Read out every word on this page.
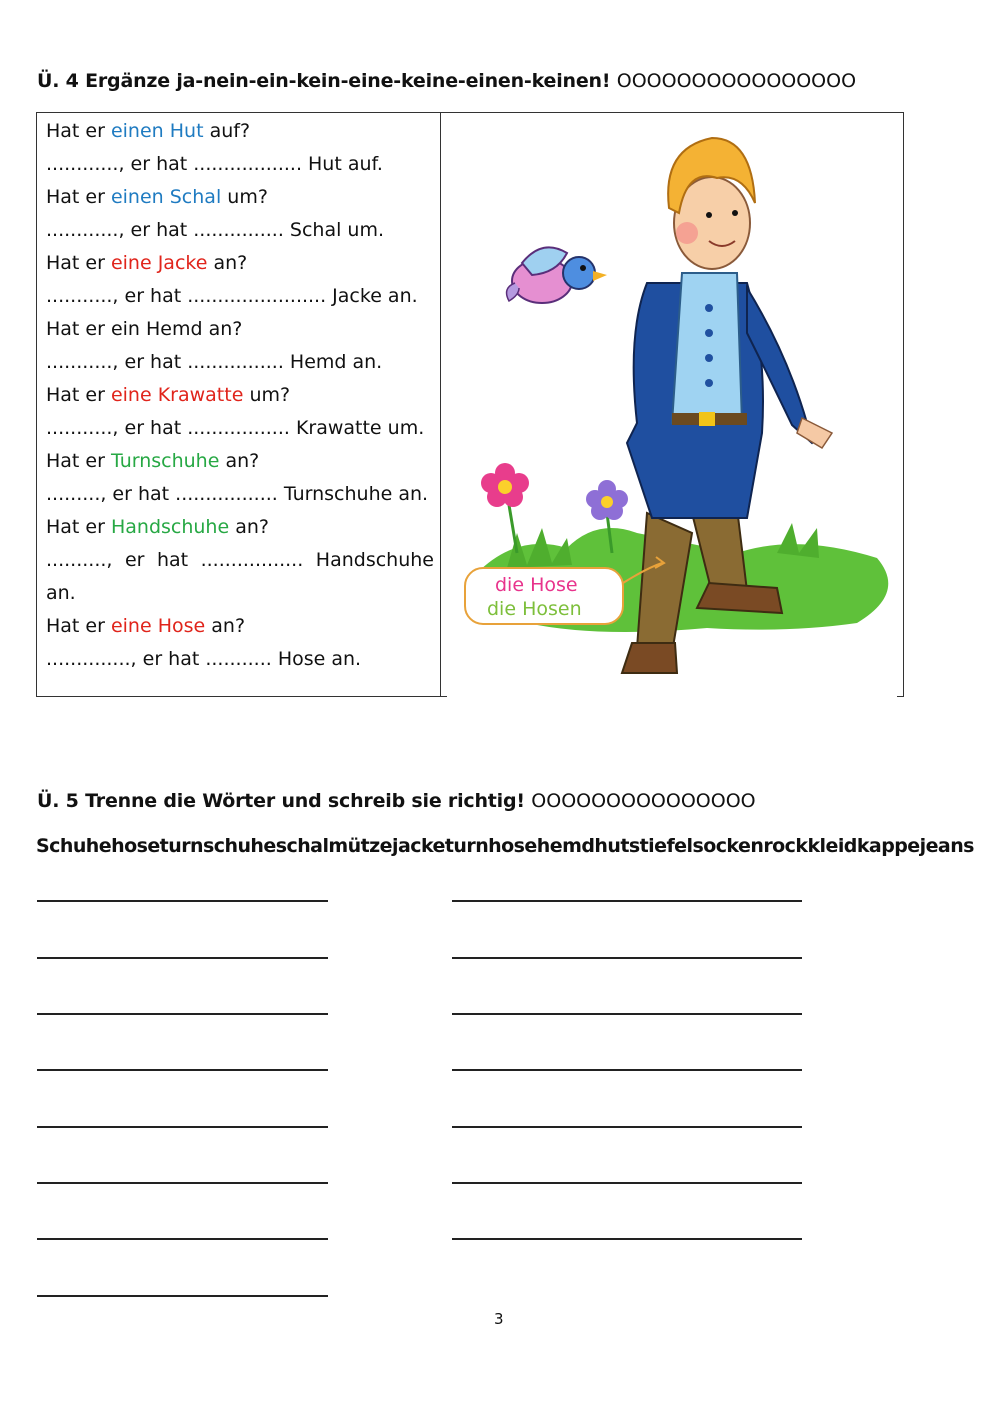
Ü. 4 Ergänze ja-nein-ein-kein-eine-keine-einen-keinen! OOOOOOOOOOOOOOOO
Hat er einen Hut auf?
............, er hat .................. Hut auf.
Hat er einen Schal um?
............, er hat ............... Schal um.
Hat er eine Jacke an?
..........., er hat ....................... Jacke an.
Hat er ein Hemd an?
..........., er hat ................ Hemd an.
Hat er eine Krawatte um?
..........., er hat ................. Krawatte um.
Hat er Turnschuhe an?
........., er hat ................. Turnschuhe an.
Hat er Handschuhe an?
.........., er hat ................. Handschuhe
an.
Hat er eine Hose an?
.............., er hat ........... Hose an.
die Hose
die Hosen
Ü. 5 Trenne die Wörter und schreib sie richtig! OOOOOOOOOOOOOOO
Schuhehoseturnschuheschalmützejacketurnhosehemdhutstiefelsockenrockkleidkappejeans
3
